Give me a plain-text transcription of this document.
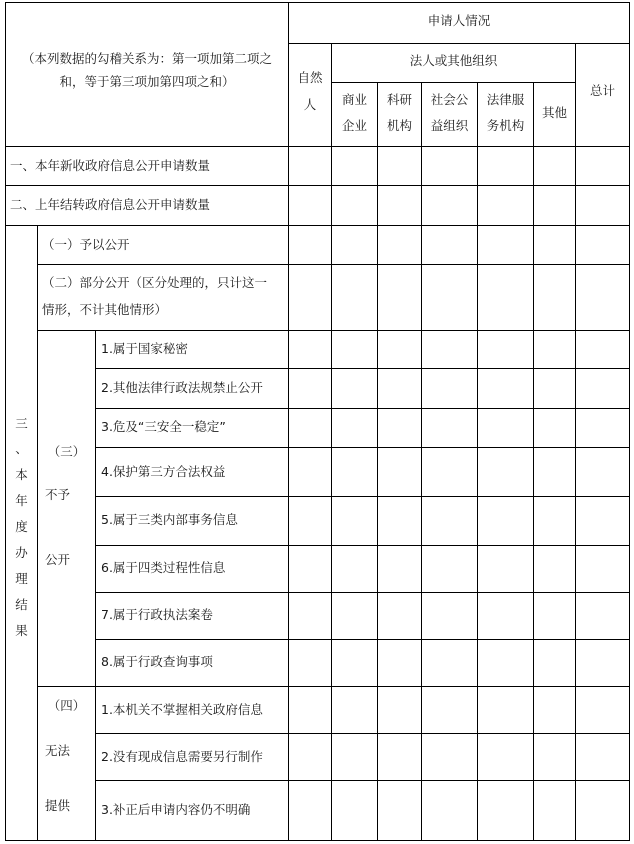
（本列数据的勾稽关系为：第一项加第二项之
和，等于第三项加第四项之和）
申请人情况
自然
人
法人或其他组织
商业
企业
科研
机构
社会公
益组织
法律服
务机构
其他
总计
一、本年新收政府信息公开申请数量
二、上年结转政府信息公开申请数量
三
、
本
年
度
办
理
结
果
（一）予以公开
（二）部分公开（区分处理的，只计这一
情形，不计其他情形）
（三）
不予
公开
1.属于国家秘密
2.其他法律行政法规禁止公开
3.危及“三安全一稳定”
4.保护第三方合法权益
5.属于三类内部事务信息
6.属于四类过程性信息
7.属于行政执法案卷
8.属于行政查询事项
（四）
无法
提供
1.本机关不掌握相关政府信息
2.没有现成信息需要另行制作
3.补正后申请内容仍不明确
